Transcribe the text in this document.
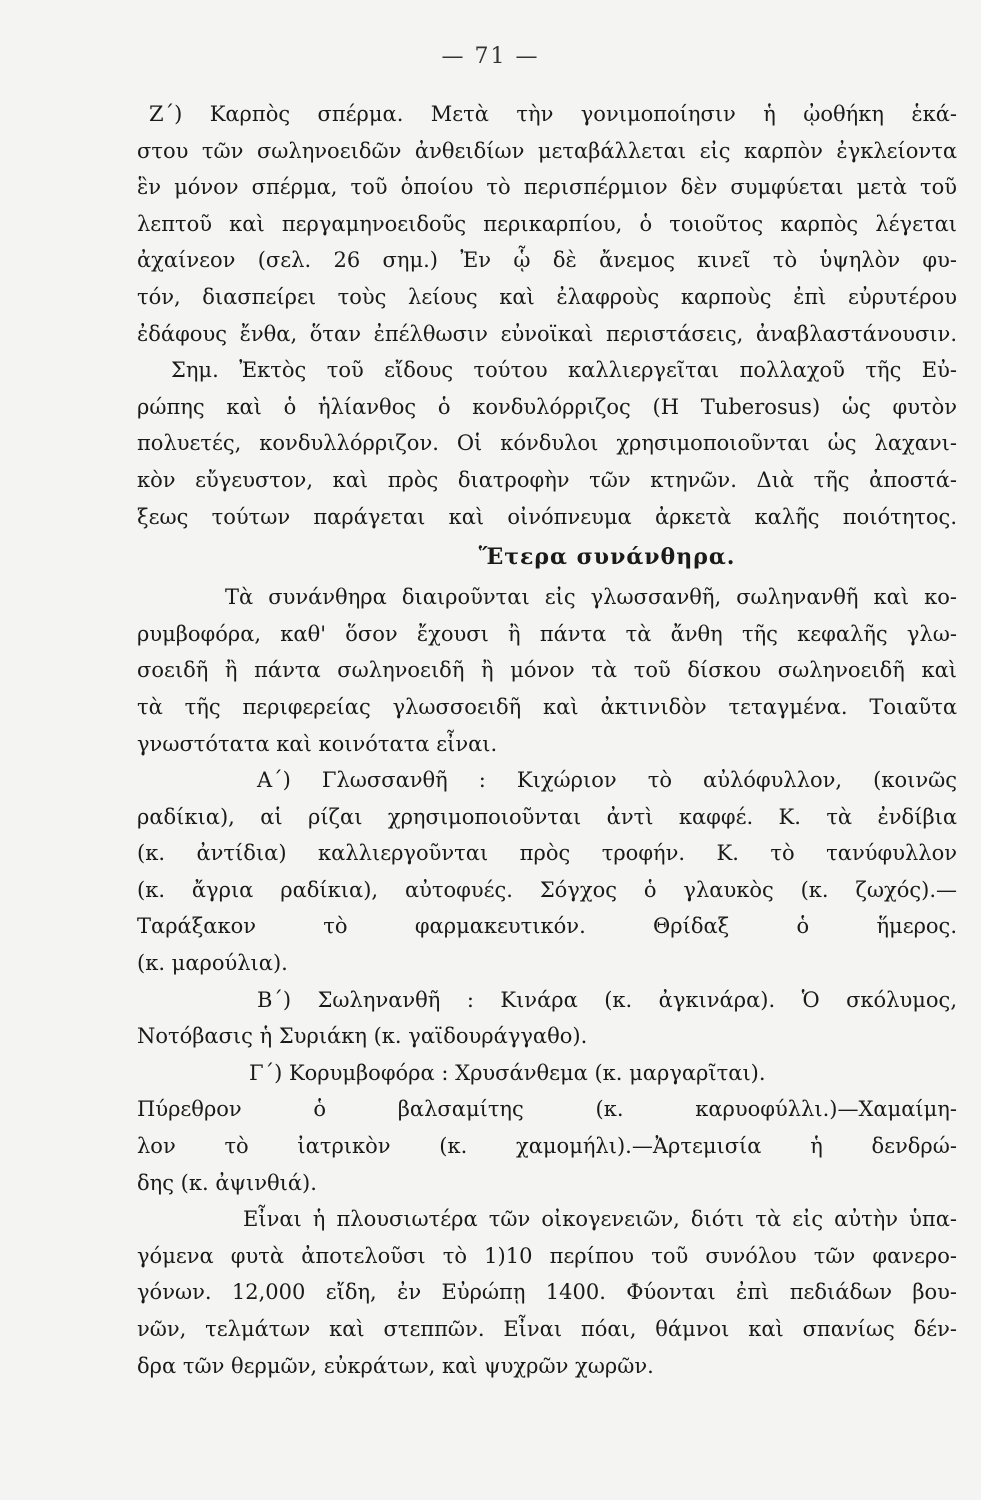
— 71 —
Ζ΄) Καρπὸς σπέρμα. Μετὰ τὴν γονιμοποίησιν ἡ ᾠοθήκη ἑκά-
στου τῶν σωληνοειδῶν ἀνθειδίων μεταβάλλεται εἰς καρπὸν ἐγκλείοντα
ἓν μόνον σπέρμα, τοῦ ὁποίου τὸ περισπέρμιον δὲν συμφύεται μετὰ τοῦ
λεπτοῦ καὶ περγαμηνοειδοῦς περικαρπίου, ὁ τοιοῦτος καρπὸς λέγεται
ἀχαίνεον (σελ. 26 σημ.) Ἐν ᾧ δὲ ἄνεμος κινεῖ τὸ ὑψηλὸν φυ-
τόν, διασπείρει τοὺς λείους καὶ ἐλαφροὺς καρποὺς ἐπὶ εὐρυτέρου
ἐδάφους ἔνθα, ὅταν ἐπέλθωσιν εὐνοϊκαὶ περιστάσεις, ἀναβλαστάνουσιν.
Σημ. Ἐκτὸς τοῦ εἴδους τούτου καλλιεργεῖται πολλαχοῦ τῆς Εὐ-
ρώπης καὶ ὁ ἡλίανθος ὁ κονδυλόρριζος (H Tuberosus) ὡς φυτὸν
πολυετές, κονδυλλόρριζον. Οἱ κόνδυλοι χρησιμοποιοῦνται ὡς λαχανι-
κὸν εὔγευστον, καὶ πρὸς διατροφὴν τῶν κτηνῶν. Διὰ τῆς ἀποστά-
ξεως τούτων παράγεται καὶ οἰνόπνευμα ἀρκετὰ καλῆς ποιότητος.
Ἕτερα συνάνθηρα.
Τὰ συνάνθηρα διαιροῦνται εἰς γλωσσανθῆ, σωληνανθῆ καὶ κο-
ρυμβοφόρα, καθ' ὅσον ἔχουσι ἢ πάντα τὰ ἄνθη τῆς κεφαλῆς γλω-
σοειδῆ ἢ πάντα σωληνοειδῆ ἢ μόνον τὰ τοῦ δίσκου σωληνοειδῆ καὶ
τὰ τῆς περιφερείας γλωσσοειδῆ καὶ ἀκτινιδὸν τεταγμένα. Τοιαῦτα
γνωστότατα καὶ κοινότατα εἶναι.
Α΄) Γλωσσανθῆ : Κιχώριον τὸ αὐλόφυλλον, (κοινῶς
ραδίκια), αἱ ρίζαι χρησιμοποιοῦνται ἀντὶ καφφέ. Κ. τὰ ἐνδίβια
(κ. ἀντίδια) καλλιεργοῦνται πρὸς τροφήν. Κ. τὸ τανύφυλλον
(κ. ἄγρια ραδίκια), αὐτοφυές. Σόγχος ὁ γλαυκὸς (κ. ζωχός).—
Ταράξακον τὸ φαρμακευτικόν. Θρίδαξ ὁ ἥμερος.
(κ. μαρούλια).
Β΄) Σωληνανθῆ : Κινάρα (κ. ἀγκινάρα). Ὁ σκόλυμος,
Νοτόβασις ἡ Συριάκη (κ. γαϊδουράγγαθο).
Γ΄) Κορυμβοφόρα : Χρυσάνθεμα (κ. μαργαρῖται).
Πύρεθρον ὁ βαλσαμίτης (κ. καρυοφύλλι.)—Χαμαίμη-
λον τὸ ἰατρικὸν (κ. χαμομήλι).—Ἀρτεμισία ἡ δενδρώ-
δης (κ. ἀψινθιά).
Εἶναι ἡ πλουσιωτέρα τῶν οἰκογενειῶν, διότι τὰ εἰς αὐτὴν ὑπα-
γόμενα φυτὰ ἀποτελοῦσι τὸ 1)10 περίπου τοῦ συνόλου τῶν φανερο-
γόνων. 12,000 εἴδη, ἐν Εὐρώπῃ 1400. Φύονται ἐπὶ πεδιάδων βου-
νῶν, τελμάτων καὶ στεππῶν. Εἶναι πόαι, θάμνοι καὶ σπανίως δέν-
δρα τῶν θερμῶν, εὐκράτων, καὶ ψυχρῶν χωρῶν.
